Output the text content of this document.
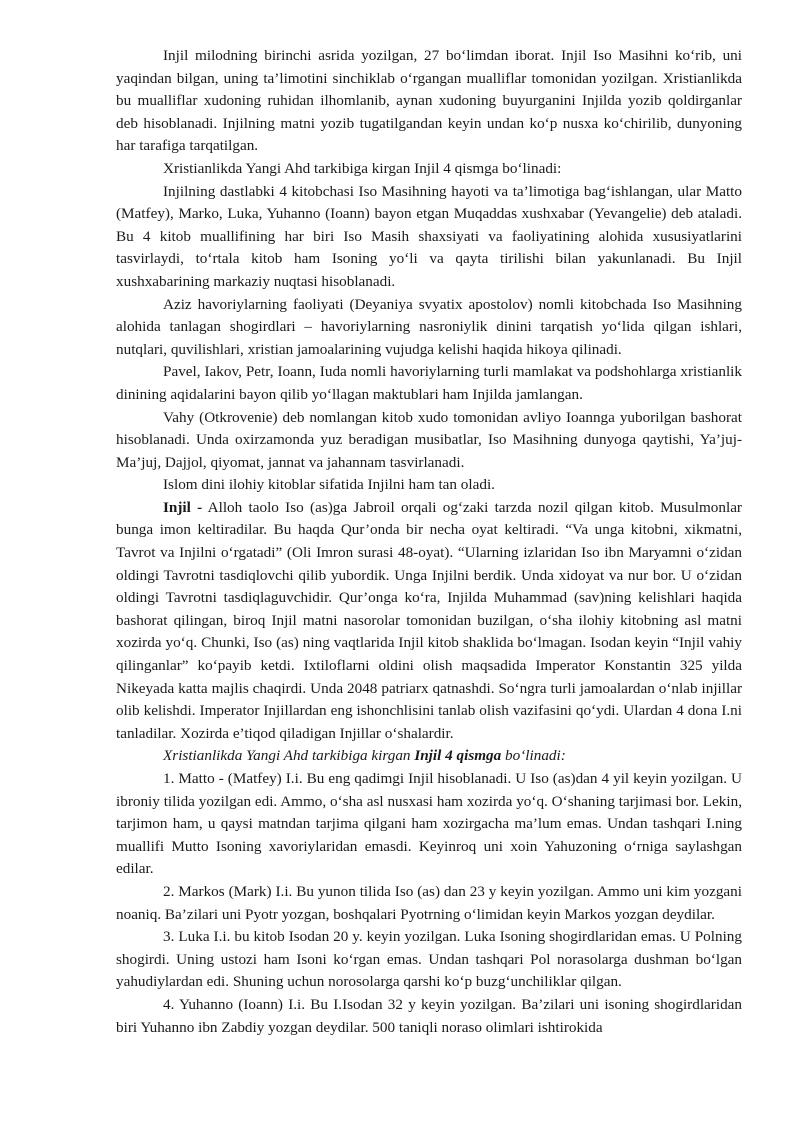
Injil milodning birinchi asrida yozilgan, 27 bo‘limdan iborat. Injil Iso Masihni ko‘rib, uni yaqindan bilgan, uning ta’limotini sinchiklab o‘rgangan mualliflar tomonidan yozilgan. Xristianlikda bu mualliflar xudoning ruhidan ilhomlanib, aynan xudoning buyurganini Injilda yozib qoldirganlar deb hisoblanadi. Injilning matni yozib tugatilgandan keyin undan ko‘p nusxa ko‘chirilib, dunyoning har tarafiga tarqatilgan.

Xristianlikda Yangi Ahd tarkibiga kirgan Injil 4 qismga bo‘linadi:

Injilning dastlabki 4 kitobchasi Iso Masihning hayoti va ta’limotiga bag‘ishlangan, ular Matto (Matfey), Marko, Luka, Yuhanno (Ioann) bayon etgan Muqaddas xushxabar (Yevangelie) deb ataladi. Bu 4 kitob muallifining har biri Iso Masih shaxsiyati va faoliyatining alohida xususiyatlarini tasvirlaydi, to‘rtala kitob ham Isoning yo‘li va qayta tirilishi bilan yakunlanadi. Bu Injil xushxabarining markaziy nuqtasi hisoblanadi.

Aziz havoriylarning faoliyati (Deyaniya svyatix apostolov) nomli kitobchada Iso Masihning alohida tanlagan shogirdlari – havoriylarning nasroniylik dinini tarqatish yo‘lida qilgan ishlari, nutqlari, quvilishlari, xristian jamoalarining vujudga kelishi haqida hikoya qilinadi.

Pavel, Iakov, Petr, Ioann, Iuda nomli havoriylarning turli mamlakat va podshohlarga xristianlik dinining aqidalarini bayon qilib yo‘llagan maktublari ham Injilda jamlangan.

Vahy (Otkrovenie) deb nomlangan kitob xudo tomonidan avliyo Ioannga yuborilgan bashorat hisoblanadi. Unda oxirzamonda yuz beradigan musibatlar, Iso Masihning dunyoga qaytishi, Ya’juj-Ma’juj, Dajjol, qiyomat, jannat va jahannam tasvirlanadi.

Islom dini ilohiy kitoblar sifatida Injilni ham tan oladi.

Injil - Alloh taolo Iso (as)ga Jabroil orqali og‘zaki tarzda nozil qilgan kitob. Musulmonlar bunga imon keltiradilar. Bu haqda Qur’onda bir necha oyat keltiradi. “Va unga kitobni, xikmatni, Tavrot va Injilni o‘rgatadi” (Oli Imron surasi 48-oyat). “Ularning izlaridan Iso ibn Maryamni o‘zidan oldingi Tavrotni tasdiqlovchi qilib yubordik. Unga Injilni berdik. Unda xidoyat va nur bor. U o‘zidan oldingi Tavrotni tasdiqlaguvchidir. Qur’onga ko‘ra, Injilda Muhammad (sav)ning kelishlari haqida bashorat qilingan, biroq Injil matni nasorolar tomonidan buzilgan, o‘sha ilohiy kitobning asl matni xozirda yo‘q. Chunki, Iso (as) ning vaqtlarida Injil kitob shaklida bo‘lmagan. Isodan keyin “Injil vahiy qilinganlar” ko‘payib ketdi. Ixtiloflarni oldini olish maqsadida Imperator Konstantin 325 yilda Nikeyada katta majlis chaqirdi. Unda 2048 patriarx qatnashdi. So‘ngra turli jamoalardan o‘nlab injillar olib kelishdi. Imperator Injillardan eng ishonchlisini tanlab olish vazifasini qo‘ydi. Ulardan 4 dona I.ni tanladilar. Xozirda e’tiqod qiladigan Injillar o‘shalardir.

Xristianlikda Yangi Ahd tarkibiga kirgan Injil 4 qismga bo‘linadi:

1. Matto - (Matfey) I.i. Bu eng qadimgi Injil hisoblanadi. U Iso (as)dan 4 yil keyin yozilgan. U ibroniy tilida yozilgan edi. Ammo, o‘sha asl nusxasi ham xozirda yo‘q. O‘shaning tarjimasi bor. Lekin, tarjimon ham, u qaysi matndan tarjima qilgani ham xozirgacha ma’lum emas. Undan tashqari I.ning muallifi Mutto Isoning xavoriylaridan emasdi. Keyinroq uni xoin Yahuzoning o‘rniga saylashgan edilar.

2. Markos (Mark) I.i. Bu yunon tilida Iso (as) dan 23 y keyin yozilgan. Ammo uni kim yozgani noaniq. Ba’zilari uni Pyotr yozgan, boshqalari Pyotrning o‘limidan keyin Markos yozgan deydilar.

3. Luka I.i. bu kitob Isodan 20 y. keyin yozilgan. Luka Isoning shogirdlaridan emas. U Polning shogirdi. Uning ustozi ham Isoni ko‘rgan emas. Undan tashqari Pol norasolarga dushman bo‘lgan yahudiylardan edi. Shuning uchun norosolarga qarshi ko‘p buzg‘unchiliklar qilgan.

4. Yuhanno (Ioann) I.i. Bu I.Isodan 32 y keyin yozilgan. Ba’zilari uni isoning shogirdlaridan biri Yuhanno ibn Zabdiy yozgan deydilar. 500 taniqli noraso olimlari ishtirokida
